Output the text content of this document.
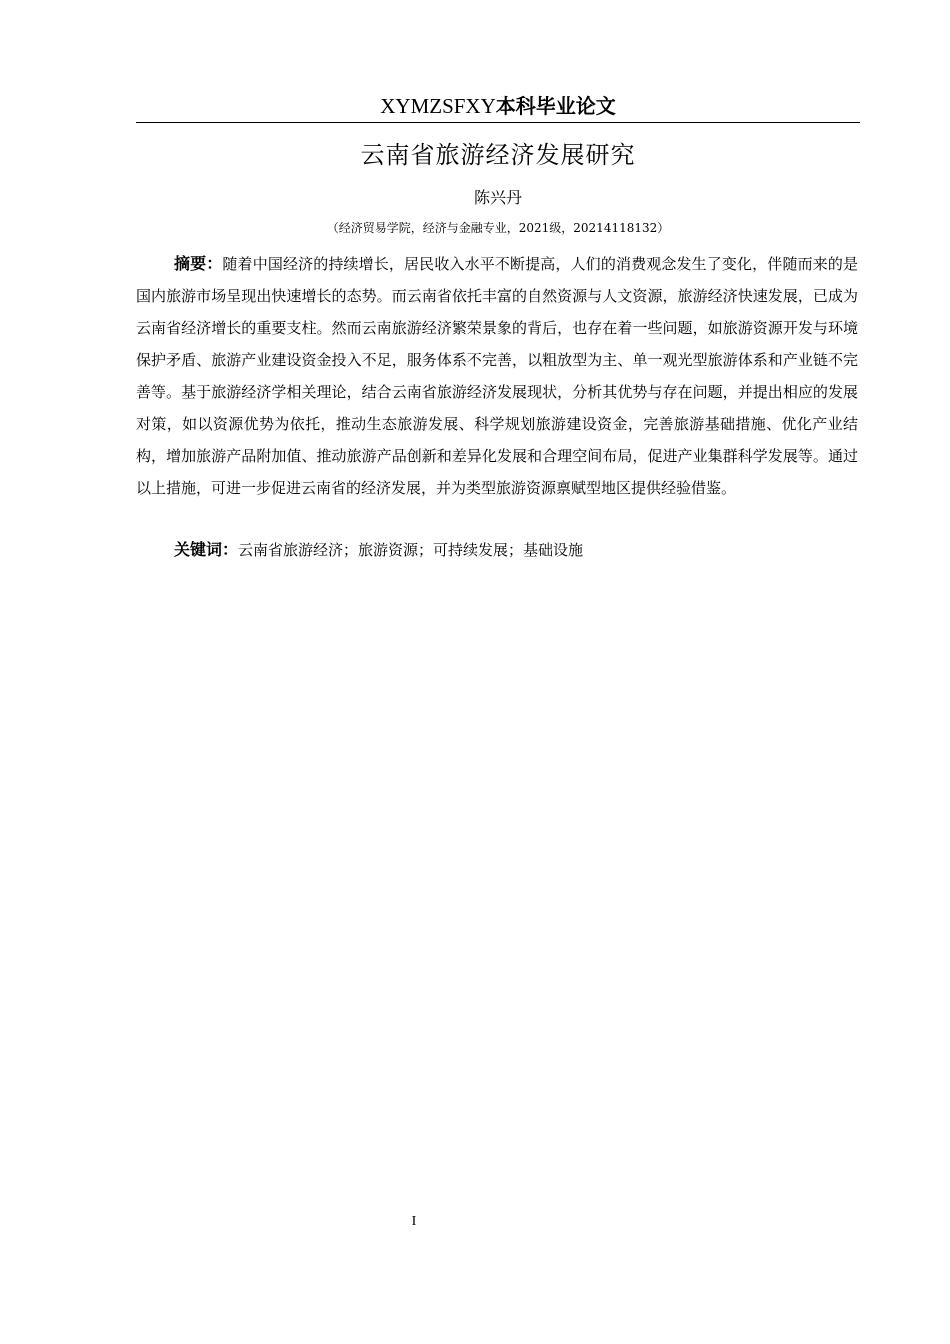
XYMZSFXY本科毕业论文
云南省旅游经济发展研究
陈兴丹
（经济贸易学院，经济与金融专业，2021级，20214118132）
摘要：随着中国经济的持续增长，居民收入水平不断提高，人们的消费观念发生了变化，伴随而来的是国内旅游市场呈现出快速增长的态势。而云南省依托丰富的自然资源与人文资源，旅游经济快速发展，已成为云南省经济增长的重要支柱。然而云南旅游经济繁荣景象的背后，也存在着一些问题，如旅游资源开发与环境保护矛盾、旅游产业建设资金投入不足，服务体系不完善，以粗放型为主、单一观光型旅游体系和产业链不完善等。基于旅游经济学相关理论，结合云南省旅游经济发展现状，分析其优势与存在问题，并提出相应的发展对策，如以资源优势为依托，推动生态旅游发展、科学规划旅游建设资金，完善旅游基础措施、优化产业结构，增加旅游产品附加值、推动旅游产品创新和差异化发展和合理空间布局，促进产业集群科学发展等。通过以上措施，可进一步促进云南省的经济发展，并为类型旅游资源禀赋型地区提供经验借鉴。
关键词：云南省旅游经济；旅游资源；可持续发展；基础设施
I
